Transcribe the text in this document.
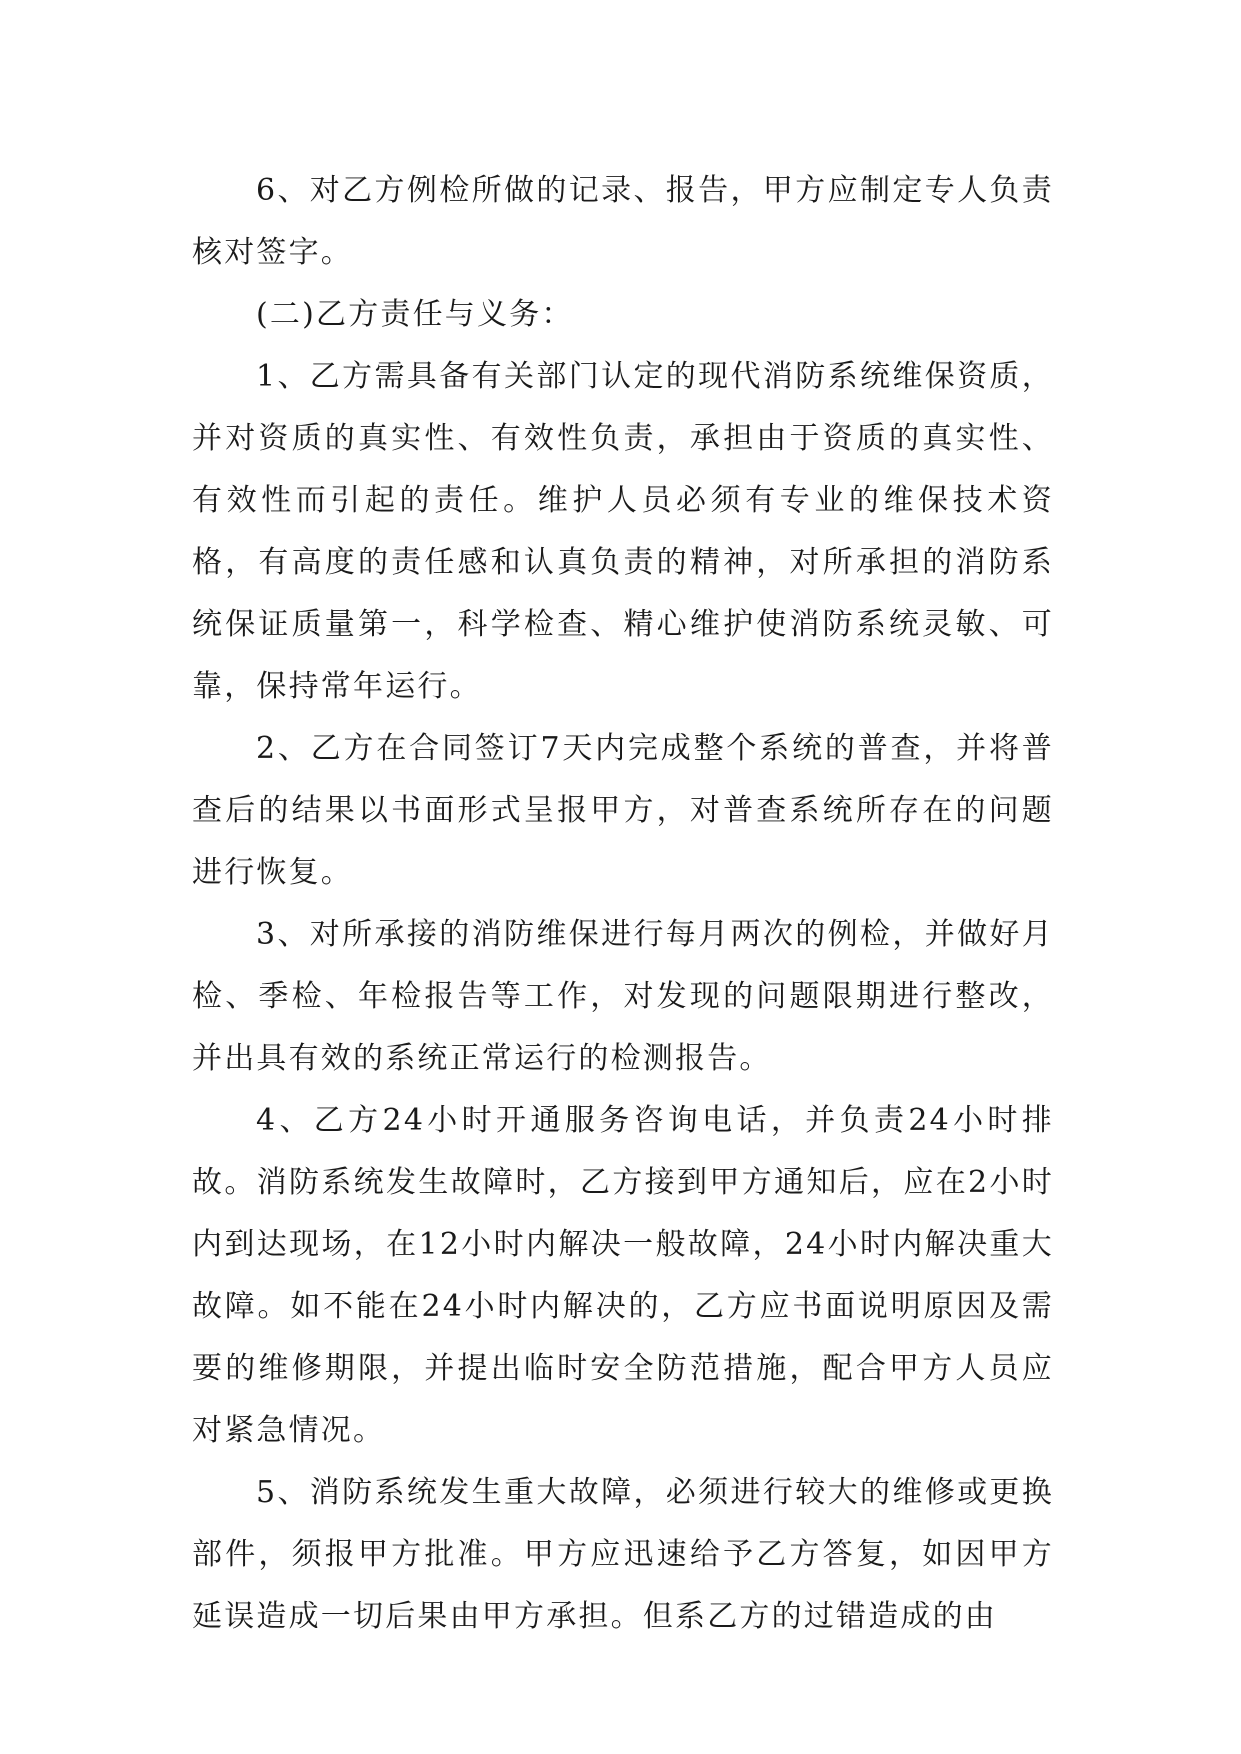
6、对乙方例检所做的记录、报告，甲方应制定专人负责核对签字。

(二)乙方责任与义务：

1、乙方需具备有关部门认定的现代消防系统维保资质，并对资质的真实性、有效性负责，承担由于资质的真实性、有效性而引起的责任。维护人员必须有专业的维保技术资格，有高度的责任感和认真负责的精神，对所承担的消防系统保证质量第一，科学检查、精心维护使消防系统灵敏、可靠，保持常年运行。

2、乙方在合同签订7天内完成整个系统的普查，并将普查后的结果以书面形式呈报甲方，对普查系统所存在的问题进行恢复。

3、对所承接的消防维保进行每月两次的例检，并做好月检、季检、年检报告等工作，对发现的问题限期进行整改，并出具有效的系统正常运行的检测报告。

4、乙方24小时开通服务咨询电话，并负责24小时排故。消防系统发生故障时，乙方接到甲方通知后，应在2小时内到达现场，在12小时内解决一般故障，24小时内解决重大故障。如不能在24小时内解决的，乙方应书面说明原因及需要的维修期限，并提出临时安全防范措施，配合甲方人员应对紧急情况。

5、消防系统发生重大故障，必须进行较大的维修或更换部件，须报甲方批准。甲方应迅速给予乙方答复，如因甲方延误造成一切后果由甲方承担。但系乙方的过错造成的由
